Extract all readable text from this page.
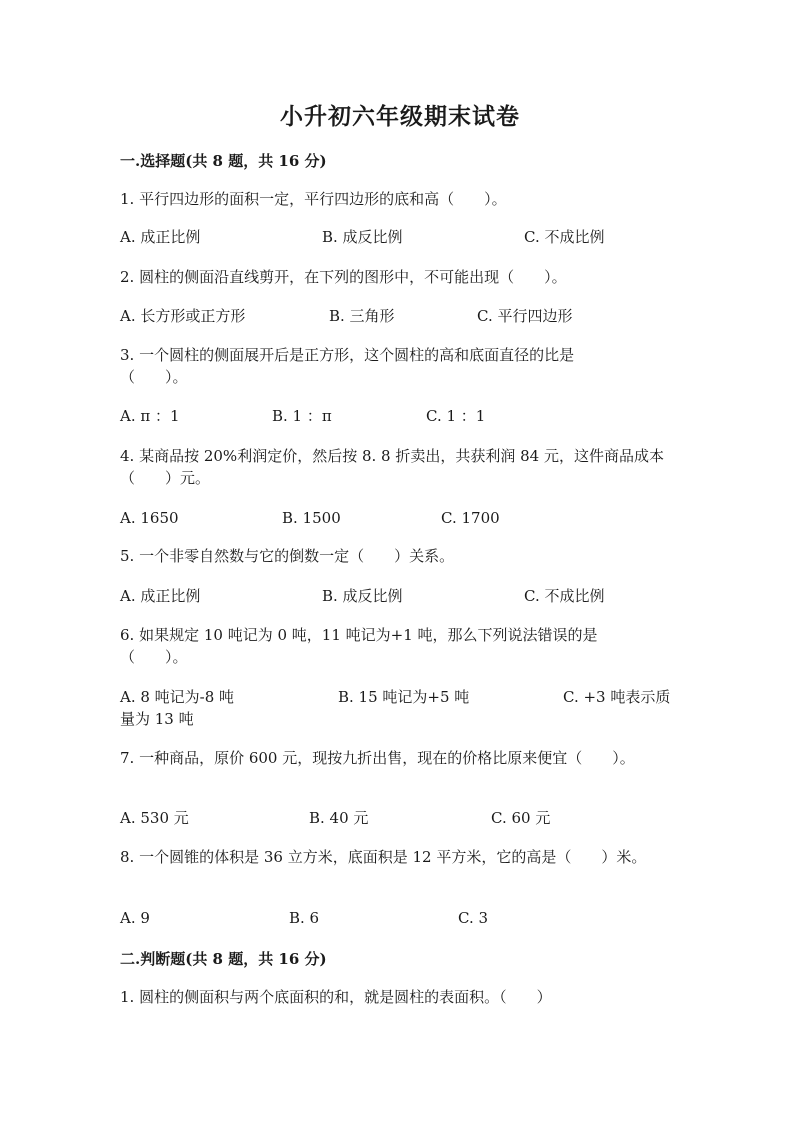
小升初六年级期末试卷
一.选择题(共 8 题，共 16 分)
1. 平行四边形的面积一定，平行四边形的底和高（　　）。
A. 成正比例	B. 成反比例	C. 不成比例
2. 圆柱的侧面沿直线剪开，在下列的图形中，不可能出现（　　）。
A. 长方形或正方形	B. 三角形	C. 平行四边形
3. 一个圆柱的侧面展开后是正方形，这个圆柱的高和底面直径的比是（　　）。
A. π ：1	B. 1 ：π	C. 1 ：1
4. 某商品按 20%利润定价，然后按 8. 8 折卖出，共获利润 84 元，这件商品成本（　　）元。
A. 1650	B. 1500	C. 1700
5. 一个非零自然数与它的倒数一定（　　）关系。
A. 成正比例	B. 成反比例	C. 不成比例
6. 如果规定 10 吨记为 0 吨，11 吨记为+1 吨，那么下列说法错误的是（　　）。
A. 8 吨记为-8 吨	B. 15 吨记为+5 吨	C. +3 吨表示质
量为 13 吨
7. 一种商品，原价 600 元，现按九折出售，现在的价格比原来便宜（　　）。
A. 530 元	B. 40 元	C. 60 元
8. 一个圆锥的体积是 36 立方米，底面积是 12 平方米，它的高是（　　）米。
A. 9	B. 6	C. 3
二.判断题(共 8 题，共 16 分)
1. 圆柱的侧面积与两个底面积的和，就是圆柱的表面积。（　　）
